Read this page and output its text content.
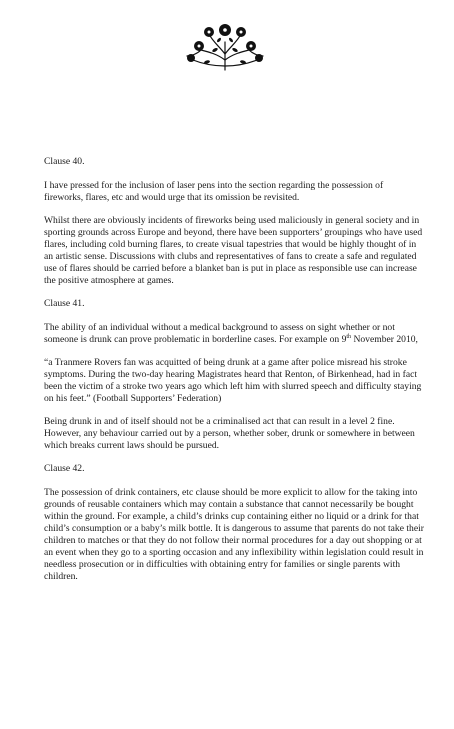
Clause 40.

I have pressed for the inclusion of laser pens into the section regarding the possession of fireworks, flares, etc and would urge that its omission be revisited.

Whilst there are obviously incidents of fireworks being used maliciously in general society and in sporting grounds across Europe and beyond, there have been supporters’ groupings who have used flares, including cold burning flares, to create visual tapestries that would be highly thought of in an artistic sense. Discussions with clubs and representatives of fans to create a safe and regulated use of flares should be carried before a blanket ban is put in place as responsible use can increase the positive atmosphere at games.

Clause 41.

The ability of an individual without a medical background to assess on sight whether or not someone is drunk can prove problematic in borderline cases. For example on 9th November 2010,

“a Tranmere Rovers fan was acquitted of being drunk at a game after police misread his stroke symptoms. During the two-day hearing Magistrates heard that Renton, of Birkenhead, had in fact been the victim of a stroke two years ago which left him with slurred speech and difficulty staying on his feet.” (Football Supporters’ Federation)

Being drunk in and of itself should not be a criminalised act that can result in a level 2 fine. However, any behaviour carried out by a person, whether sober, drunk or somewhere in between which breaks current laws should be pursued.

Clause 42.

The possession of drink containers, etc clause should be more explicit to allow for the taking into grounds of reusable containers which may contain a substance that cannot necessarily be bought within the ground. For example, a child’s drinks cup containing either no liquid or a drink for that child’s consumption or a baby’s milk bottle. It is dangerous to assume that parents do not take their children to matches or that they do not follow their normal procedures for a day out shopping or at an event when they go to a sporting occasion and any inflexibility within legislation could result in needless prosecution or in difficulties with obtaining entry for families or single parents with children.
